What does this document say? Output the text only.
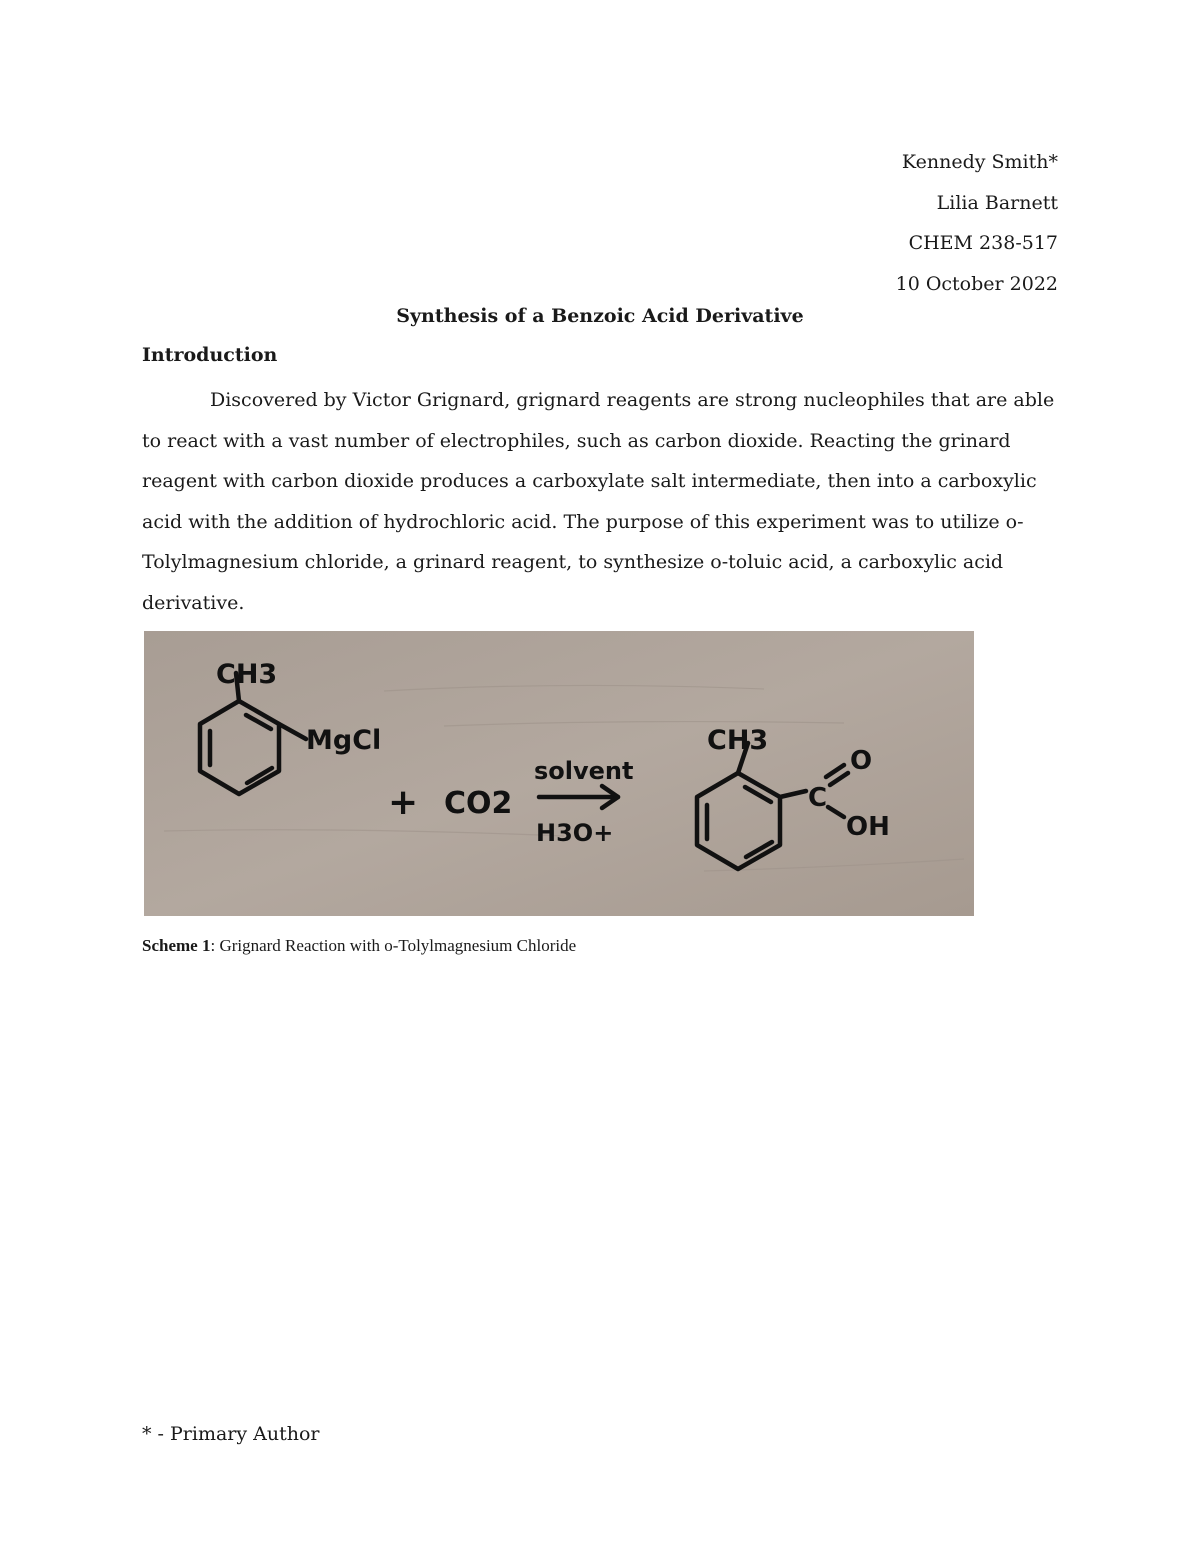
Kennedy Smith*
Lilia Barnett
CHEM 238-517
10 October 2022
Synthesis of a Benzoic Acid Derivative
Introduction

Discovered by Victor Grignard, grignard reagents are strong nucleophiles that are able to react with a vast number of electrophiles, such as carbon dioxide. Reacting the grinard reagent with carbon dioxide produces a carboxylate salt intermediate, then into a carboxylic acid with the addition of hydrochloric acid. The purpose of this experiment was to utilize o-Tolylmagnesium chloride, a grinard reagent, to synthesize o-toluic acid, a carboxylic acid derivative.

CH3
MgCl
+ CO2
solvent
H3O+
CH3
C
O
OH
Scheme 1: Grignard Reaction with o-Tolylmagnesium Chloride
* - Primary Author
